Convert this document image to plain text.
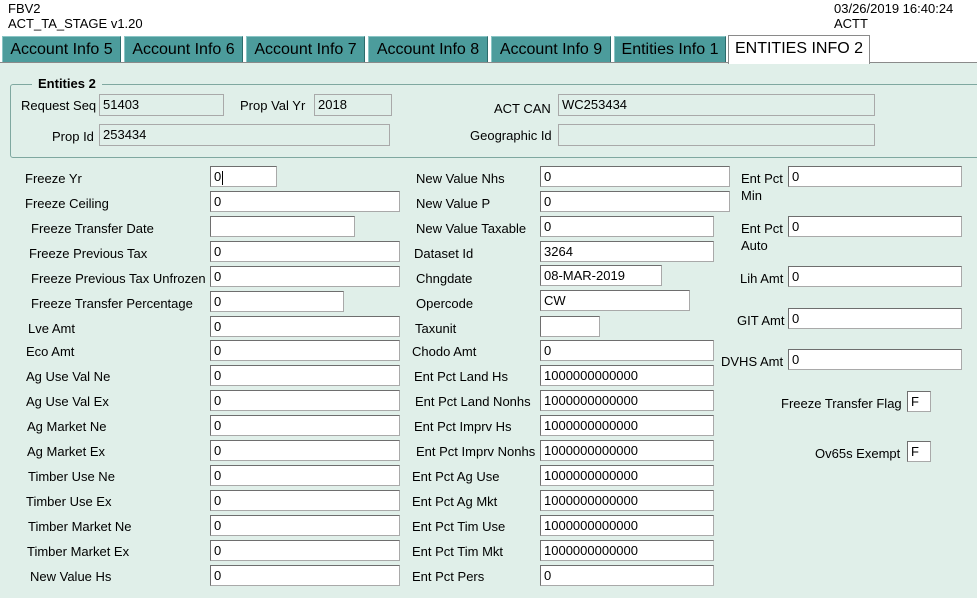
FBV2
ACT_TA_STAGE v1.20
03/26/2019 16:40:24
ACTT
Account Info 5	Account Info 6	Account Info 7	Account Info 8	Account Info 9	Entities Info 1	ENTITIES INFO 2
Entities 2
Request Seq 51403	Prop Val Yr 2018	ACT CAN WC253434
Prop Id 253434	Geographic Id
Freeze Yr	0
Freeze Ceiling	0
Freeze Transfer Date
Freeze Previous Tax	0
Freeze Previous Tax Unfrozen 0
Freeze Transfer Percentage	0
Lve Amt	0
Eco Amt	0
Ag Use Val Ne	0
Ag Use Val Ex	0
Ag Market Ne	0
Ag Market Ex	0
Timber Use Ne	0
Timber Use Ex	0
Timber Market Ne	0
Timber Market Ex	0
New Value Hs	0
New Value Nhs	0
New Value P	0
New Value Taxable	0
Dataset Id	3264
Chngdate	08-MAR-2019
Opercode	CW
Taxunit
Chodo Amt	0
Ent Pct Land Hs	1000000000000
Ent Pct Land Nonhs	1000000000000
Ent Pct Imprv Hs	1000000000000
Ent Pct Imprv Nonhs 1000000000000
Ent Pct Ag Use	1000000000000
Ent Pct Ag Mkt	1000000000000
Ent Pct Tim Use	1000000000000
Ent Pct Tim Mkt	1000000000000
Ent Pct Pers	0
Ent Pct
Min
0
Ent Pct
Auto
0
Lih Amt 0
GIT Amt 0
DVHS Amt 0
Freeze Transfer Flag F
Ov65s Exempt F
